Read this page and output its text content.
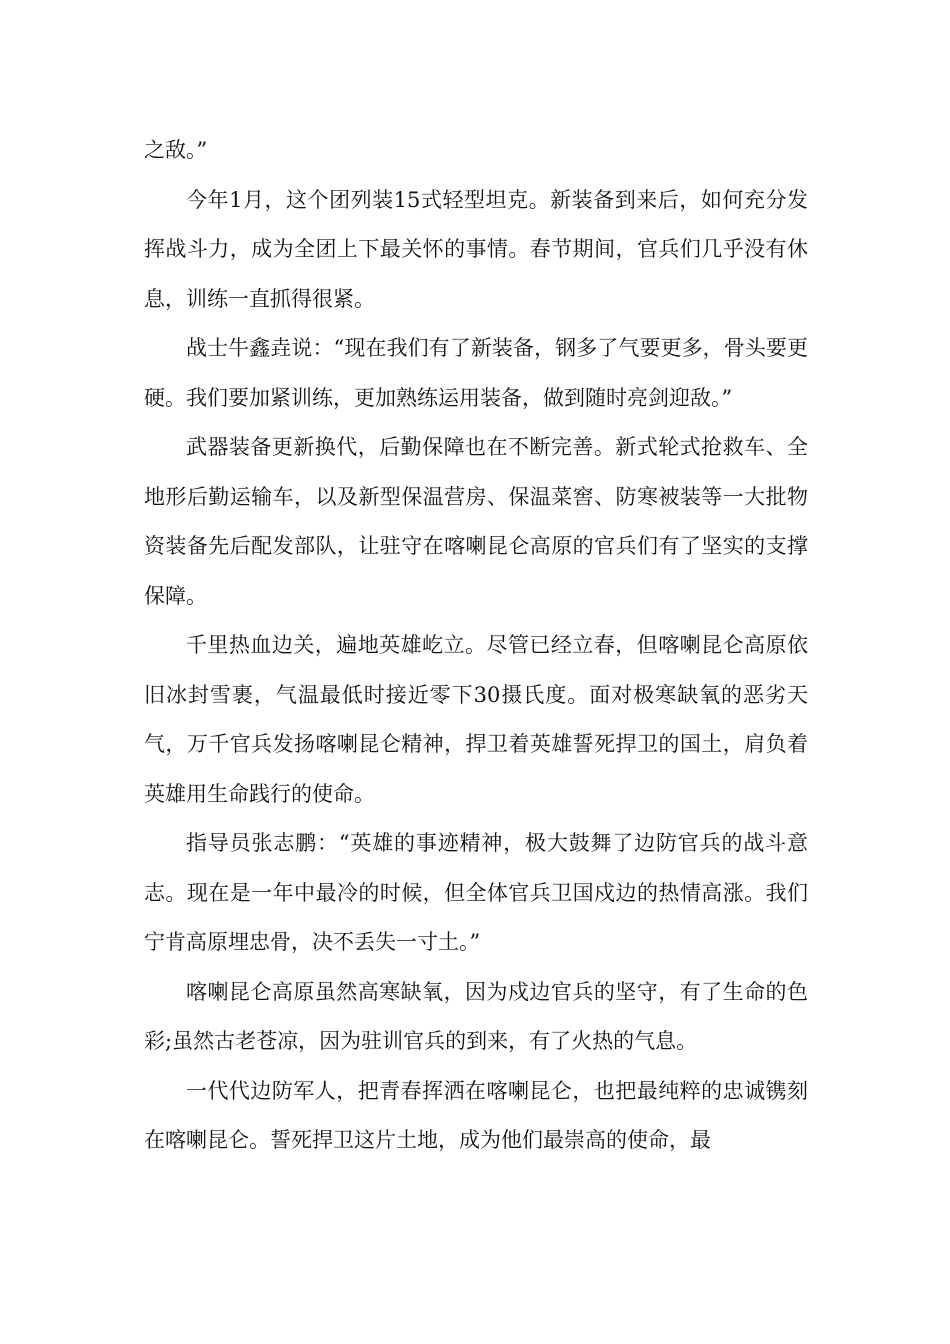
之敌。”

今年1月，这个团列装15式轻型坦克。新装备到来后，如何充分发挥战斗力，成为全团上下最关怀的事情。春节期间，官兵们几乎没有休息，训练一直抓得很紧。

战士牛鑫垚说：“现在我们有了新装备，钢多了气要更多，骨头要更硬。我们要加紧训练，更加熟练运用装备，做到随时亮剑迎敌。”

武器装备更新换代，后勤保障也在不断完善。新式轮式抢救车、全地形后勤运输车，以及新型保温营房、保温菜窖、防寒被装等一大批物资装备先后配发部队，让驻守在喀喇昆仑高原的官兵们有了坚实的支撑保障。

千里热血边关，遍地英雄屹立。尽管已经立春，但喀喇昆仑高原依旧冰封雪裹，气温最低时接近零下30摄氏度。面对极寒缺氧的恶劣天气，万千官兵发扬喀喇昆仑精神，捍卫着英雄誓死捍卫的国土，肩负着英雄用生命践行的使命。

指导员张志鹏：“英雄的事迹精神，极大鼓舞了边防官兵的战斗意志。现在是一年中最冷的时候，但全体官兵卫国戍边的热情高涨。我们宁肯高原埋忠骨，决不丢失一寸土。”

喀喇昆仑高原虽然高寒缺氧，因为戍边官兵的坚守，有了生命的色彩;虽然古老苍凉，因为驻训官兵的到来，有了火热的气息。

一代代边防军人，把青春挥洒在喀喇昆仑，也把最纯粹的忠诚镌刻在喀喇昆仑。誓死捍卫这片土地，成为他们最崇高的使命，最
